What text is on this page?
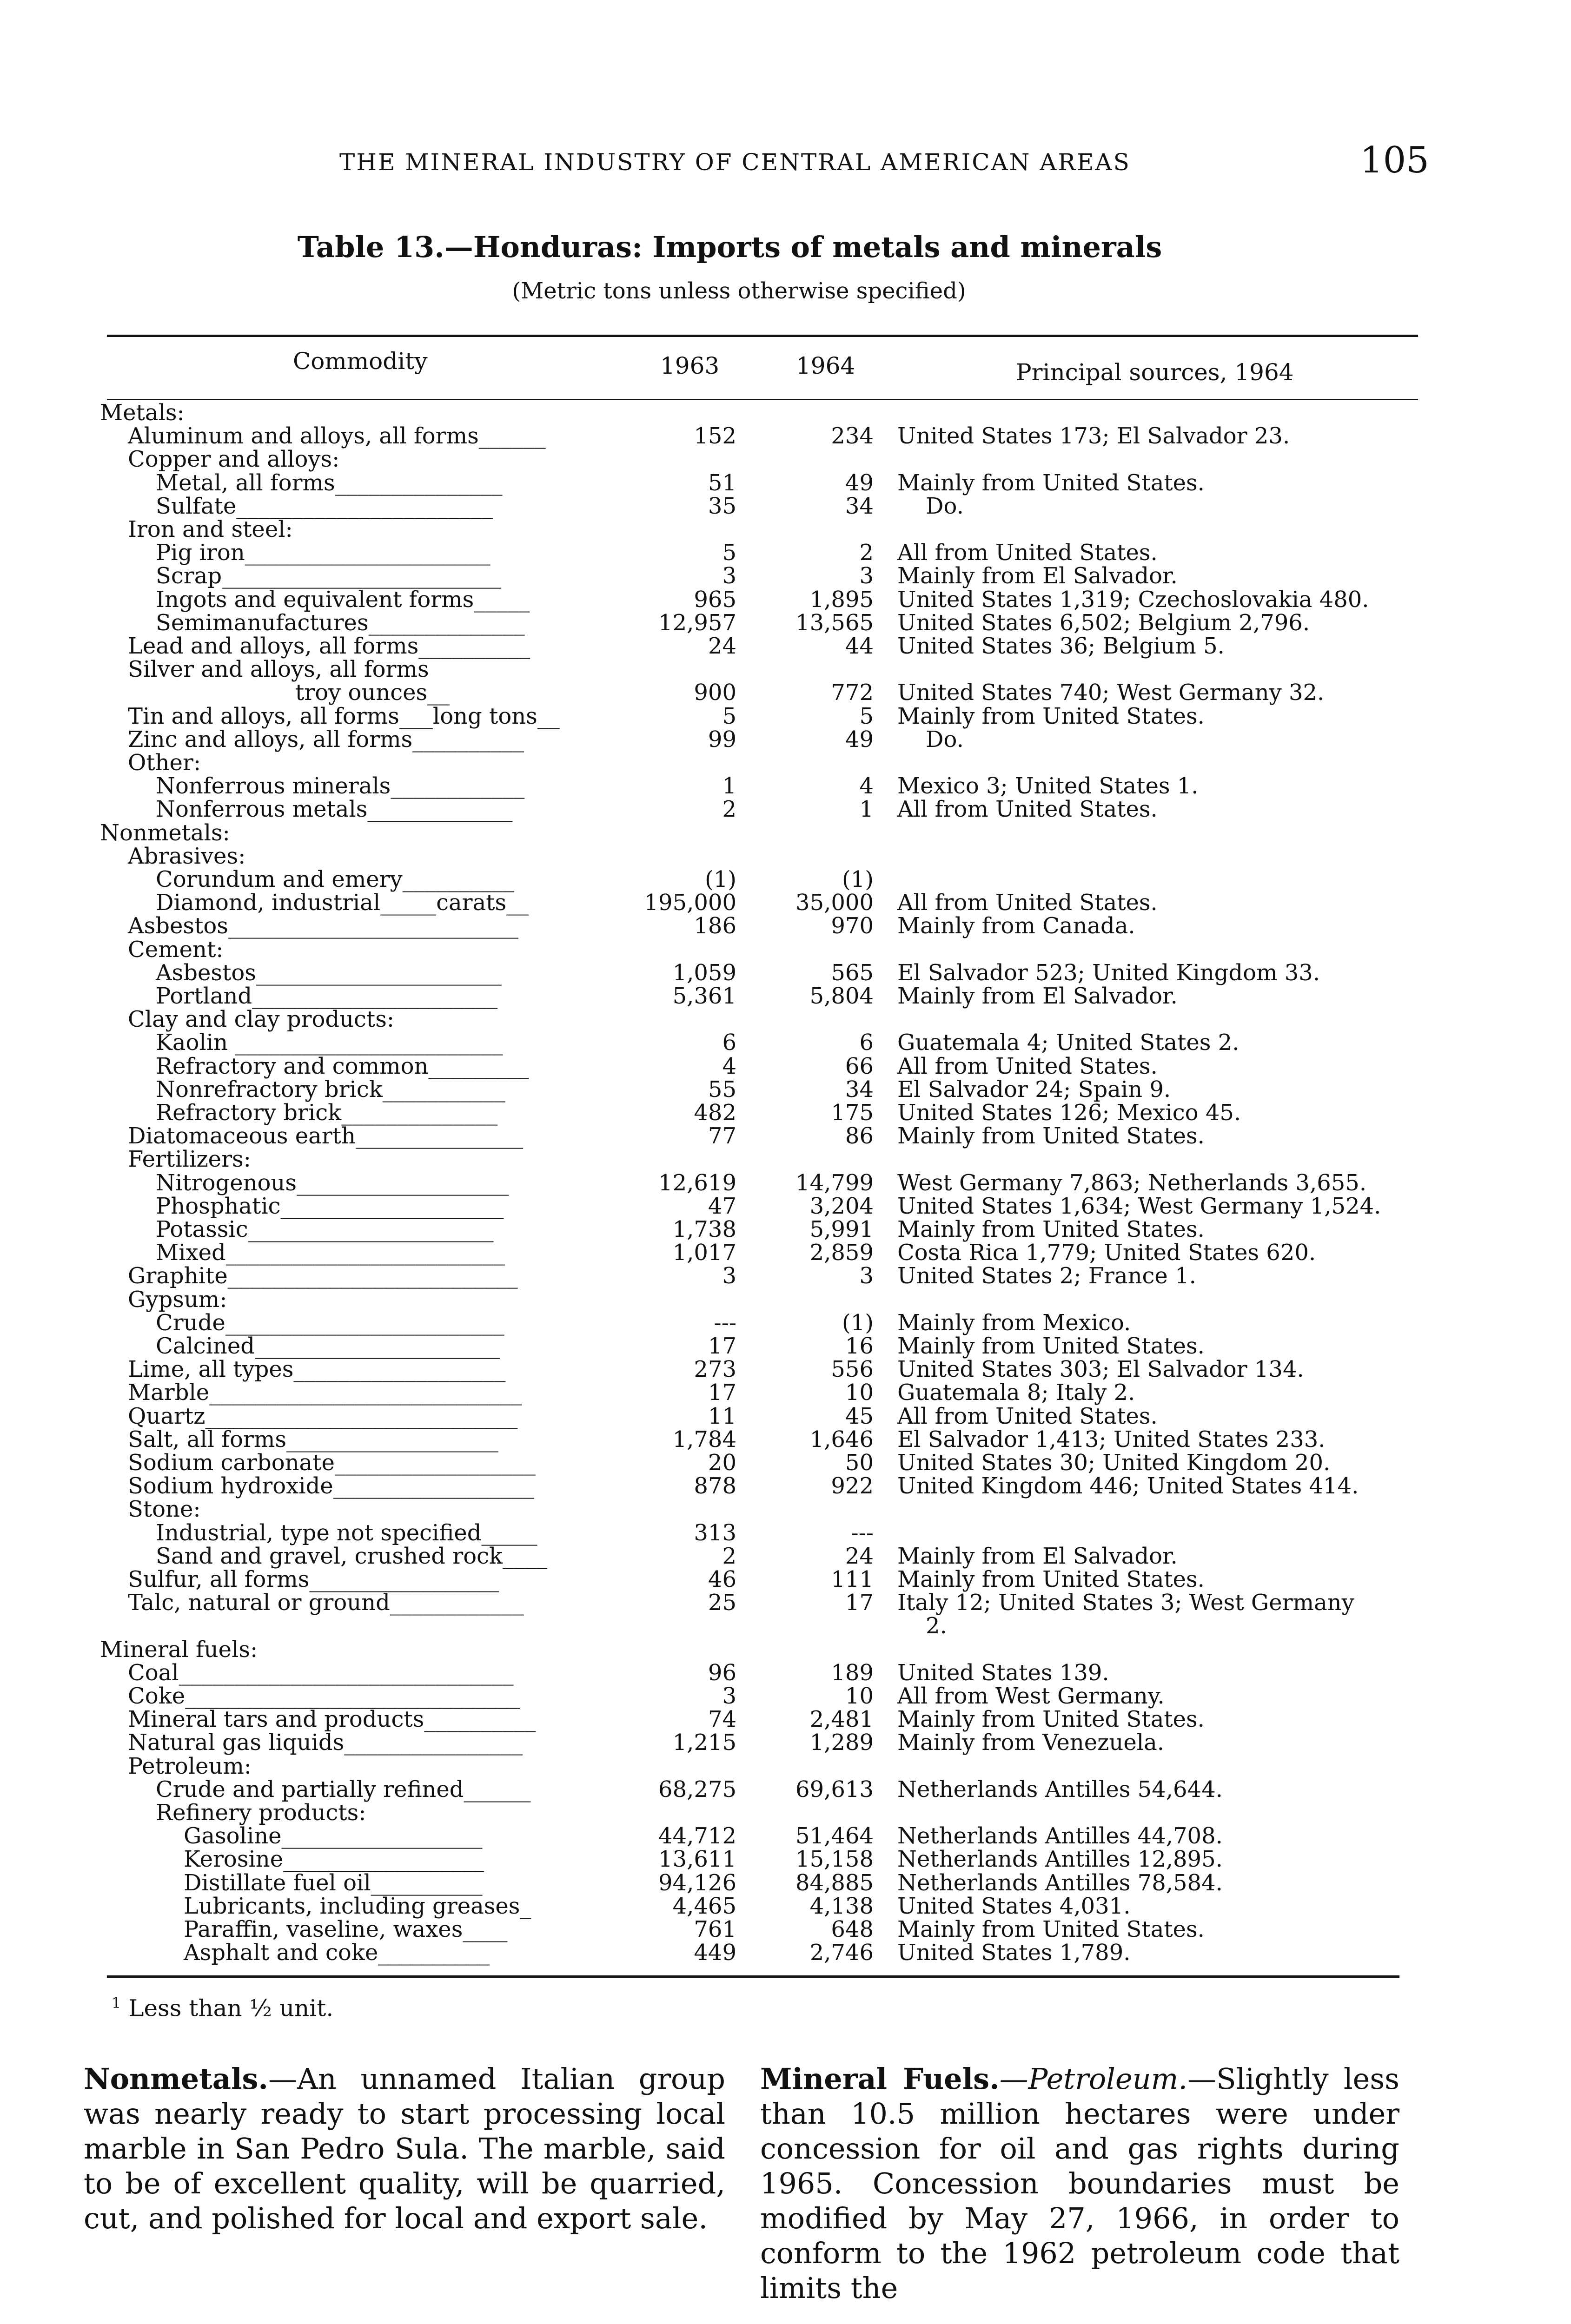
THE MINERAL INDUSTRY OF CENTRAL AMERICAN AREAS	105
Table 13.—Honduras: Imports of metals and minerals
(Metric tons unless otherwise specified)
Commodity	1963	1964	Principal sources, 1964
Metals:
Aluminum and alloys, all forms______	152	234 United States 173; El Salvador 23.
Copper and alloys:
Metal, all forms_______________	51	49 Mainly from United States.
Sulfate_______________________	35	34 Do.
Iron and steel:
Pig iron______________________	5	2 All from United States.
Scrap_________________________	3	3 Mainly from El Salvador.
Ingots and equivalent forms_____	965	1,895 United States 1,319; Czechoslovakia 480.
Semimanufactures______________	12,957	13,565 United States 6,502; Belgium 2,796.
Lead and alloys, all forms__________	24	44 United States 36; Belgium 5.
Silver and alloys, all forms
troy ounces__	900	772 United States 740; West Germany 32.
Tin and alloys, all forms___long tons__	5	5 Mainly from United States.
Zinc and alloys, all forms__________	99	49 Do.
Other:
Nonferrous minerals____________	1	4 Mexico 3; United States 1.
Nonferrous metals_____________	2	1 All from United States.
Nonmetals:
Abrasives:
Corundum and emery__________	(1)	(1)
Diamond, industrial_____carats__	195,000	35,000 All from United States.
Asbestos__________________________	186	970 Mainly from Canada.
Cement:
Asbestos______________________	1,059	565 El Salvador 523; United Kingdom 33.
Portland______________________	5,361	5,804 Mainly from El Salvador.
Clay and clay products:
Kaolin ________________________	6	6 Guatemala 4; United States 2.
Refractory and common_________	4	66 All from United States.
Nonrefractory brick___________	55	34 El Salvador 24; Spain 9.
Refractory brick______________	482	175 United States 126; Mexico 45.
Diatomaceous earth_______________	77	86 Mainly from United States.
Fertilizers:
Nitrogenous___________________	12,619	14,799 West Germany 7,863; Netherlands 3,655.
Phosphatic____________________	47	3,204 United States 1,634; West Germany 1,524.
Potassic______________________	1,738	5,991 Mainly from United States.
Mixed_________________________	1,017	2,859 Costa Rica 1,779; United States 620.
Graphite__________________________	3	3 United States 2; France 1.
Gypsum:
Crude_________________________	---	(1) Mainly from Mexico.
Calcined______________________	17	16 Mainly from United States.
Lime, all types___________________	273	556 United States 303; El Salvador 134.
Marble____________________________	17	10 Guatemala 8; Italy 2.
Quartz____________________________	11	45 All from United States.
Salt, all forms___________________	1,784	1,646 El Salvador 1,413; United States 233.
Sodium carbonate__________________	20	50 United States 30; United Kingdom 20.
Sodium hydroxide__________________	878	922 United Kingdom 446; United States 414.
Stone:
Industrial, type not specified_____	313	---
Sand and gravel, crushed rock____	2	24 Mainly from El Salvador.
Sulfur, all forms_________________	46	111 Mainly from United States.
Talc, natural or ground____________	25	17 Italy 12; United States 3; West Germany
2.
Mineral fuels:
Coal______________________________	96	189 United States 139.
Coke______________________________	3	10 All from West Germany.
Mineral tars and products__________	74	2,481 Mainly from United States.
Natural gas liquids________________	1,215	1,289 Mainly from Venezuela.
Petroleum:
Crude and partially refined______	68,275	69,613 Netherlands Antilles 54,644.
Refinery products:
Gasoline__________________	44,712	51,464 Netherlands Antilles 44,708.
Kerosine__________________	13,611	15,158 Netherlands Antilles 12,895.
Distillate fuel oil__________	94,126	84,885 Netherlands Antilles 78,584.
Lubricants, including greases_	4,465	4,138 United States 4,031.
Paraffin, vaseline, waxes____	761	648 Mainly from United States.
Asphalt and coke__________	449	2,746 United States 1,789.
$^1$ Less than ½ unit.
Nonmetals.—An unnamed Italian group was nearly ready to start processing local marble in San Pedro Sula. The marble, said to be of excellent quality, will be quarried, cut, and polished for local and export sale.
Mineral Fuels.—Petroleum.—Slightly less than 10.5 million hectares were under concession for oil and gas rights during 1965. Concession boundaries must be modified by May 27, 1966, in order to conform to the 1962 petroleum code that limits the
